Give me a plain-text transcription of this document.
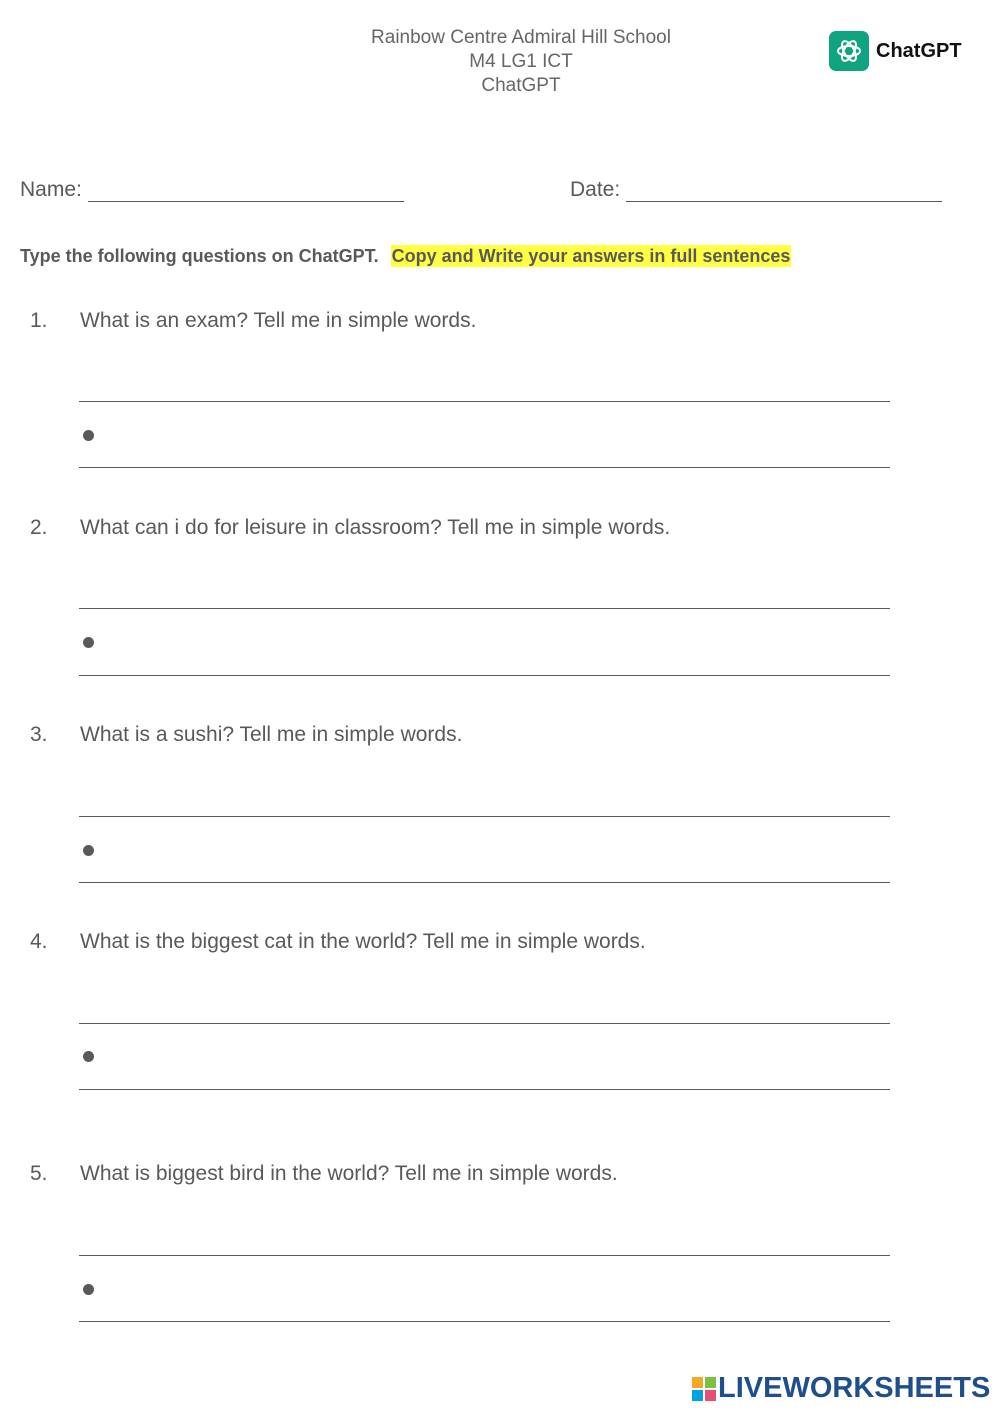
Rainbow Centre Admiral Hill School
M4 LG1 ICT
ChatGPT
ChatGPT
Name:	Date:
Type the following questions on ChatGPT. Copy and Write your answers in full sentences
1. What is an exam? Tell me in simple words.
2. What can i do for leisure in classroom? Tell me in simple words.
3. What is a sushi? Tell me in simple words.
4. What is the biggest cat in the world? Tell me in simple words.
5. What is biggest bird in the world? Tell me in simple words.

LIVEWORKSHEETS
